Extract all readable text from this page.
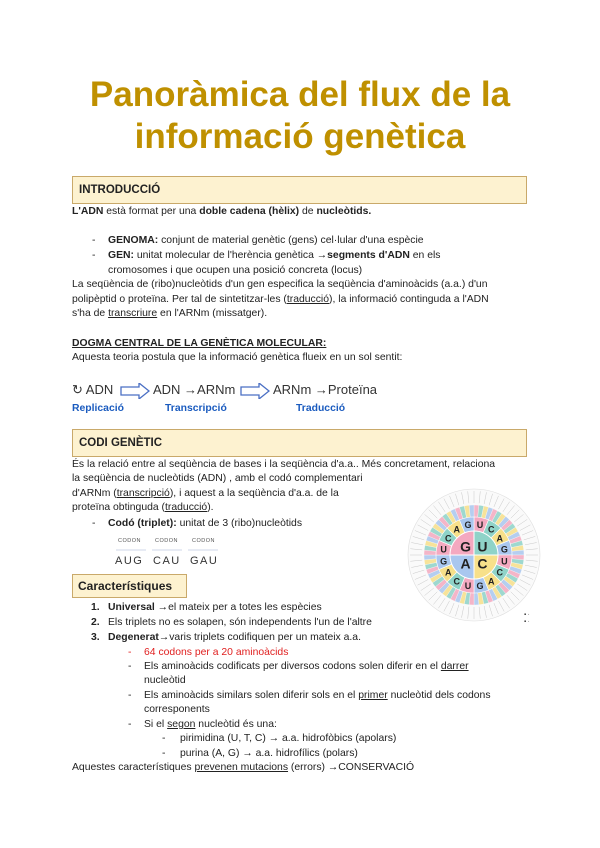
Panoràmica del flux de la
informació genètica
INTRODUCCIÓ
L'ADN està format per una doble cadena (hèlix) de nucleòtids.
- GENOMA: conjunt de material genètic (gens) cel·lular d'una espècie
- GEN: unitat molecular de l'herència genètica →segments d'ADN en els
cromosomes i que ocupen una posició concreta (locus)
La seqüència de (ribo)nucleòtids d'un gen especifica la seqüència d'aminoàcids (a.a.) d'un
polipèptid o proteïna. Per tal de sintetitzar-les (traducció), la informació continguda a l'ADN
s'ha de transcriure en l'ARNm (missatger).
DOGMA CENTRAL DE LA GENÈTICA MOLECULAR:
Aquesta teoria postula que la informació genètica flueix en un sol sentit:
↻ ADN	ADN →ARNm	ARNm →Proteïna
Replicació	Transcripció	Traducció
CODI GENÈTIC
És la relació entre al seqüència de bases i la seqüència d'a.a.. Més concretament, relaciona
la seqüència de nucleòtids (ADN) , amb el codó complementari
d'ARNm (transcripció), i aquest a la seqüència d'a.a. de la
proteïna obtinguda (traducció).
- Codó (triplet): unitat de 3 (ribo)nucleòtids
CODON	CODON	CODON
AUG CAU GAU
U C
A
G
U
C
A
G
U
C
A
G
U
C
A G
U
C
A
G
▪ ·
▪ ·
Característiques
1. Universal →el mateix per a totes les espècies
2. Els triplets no es solapen, són independents l'un de l'altre
3. Degenerat→varis triplets codifiquen per un mateix a.a.
- 64 codons per a 20 aminoàcids
- Els aminoàcids codificats per diversos codons solen diferir en el darrer
nucleòtid
- Els aminoàcids similars solen diferir sols en el primer nucleòtid dels codons
corresponents
- Si el segon nucleòtid és una:
- pirimidina (U, T, C) → a.a. hidrofòbics (apolars)
- purina (A, G) → a.a. hidrofílics (polars)
Aquestes característiques prevenen mutacions (errors) →CONSERVACIÓ
